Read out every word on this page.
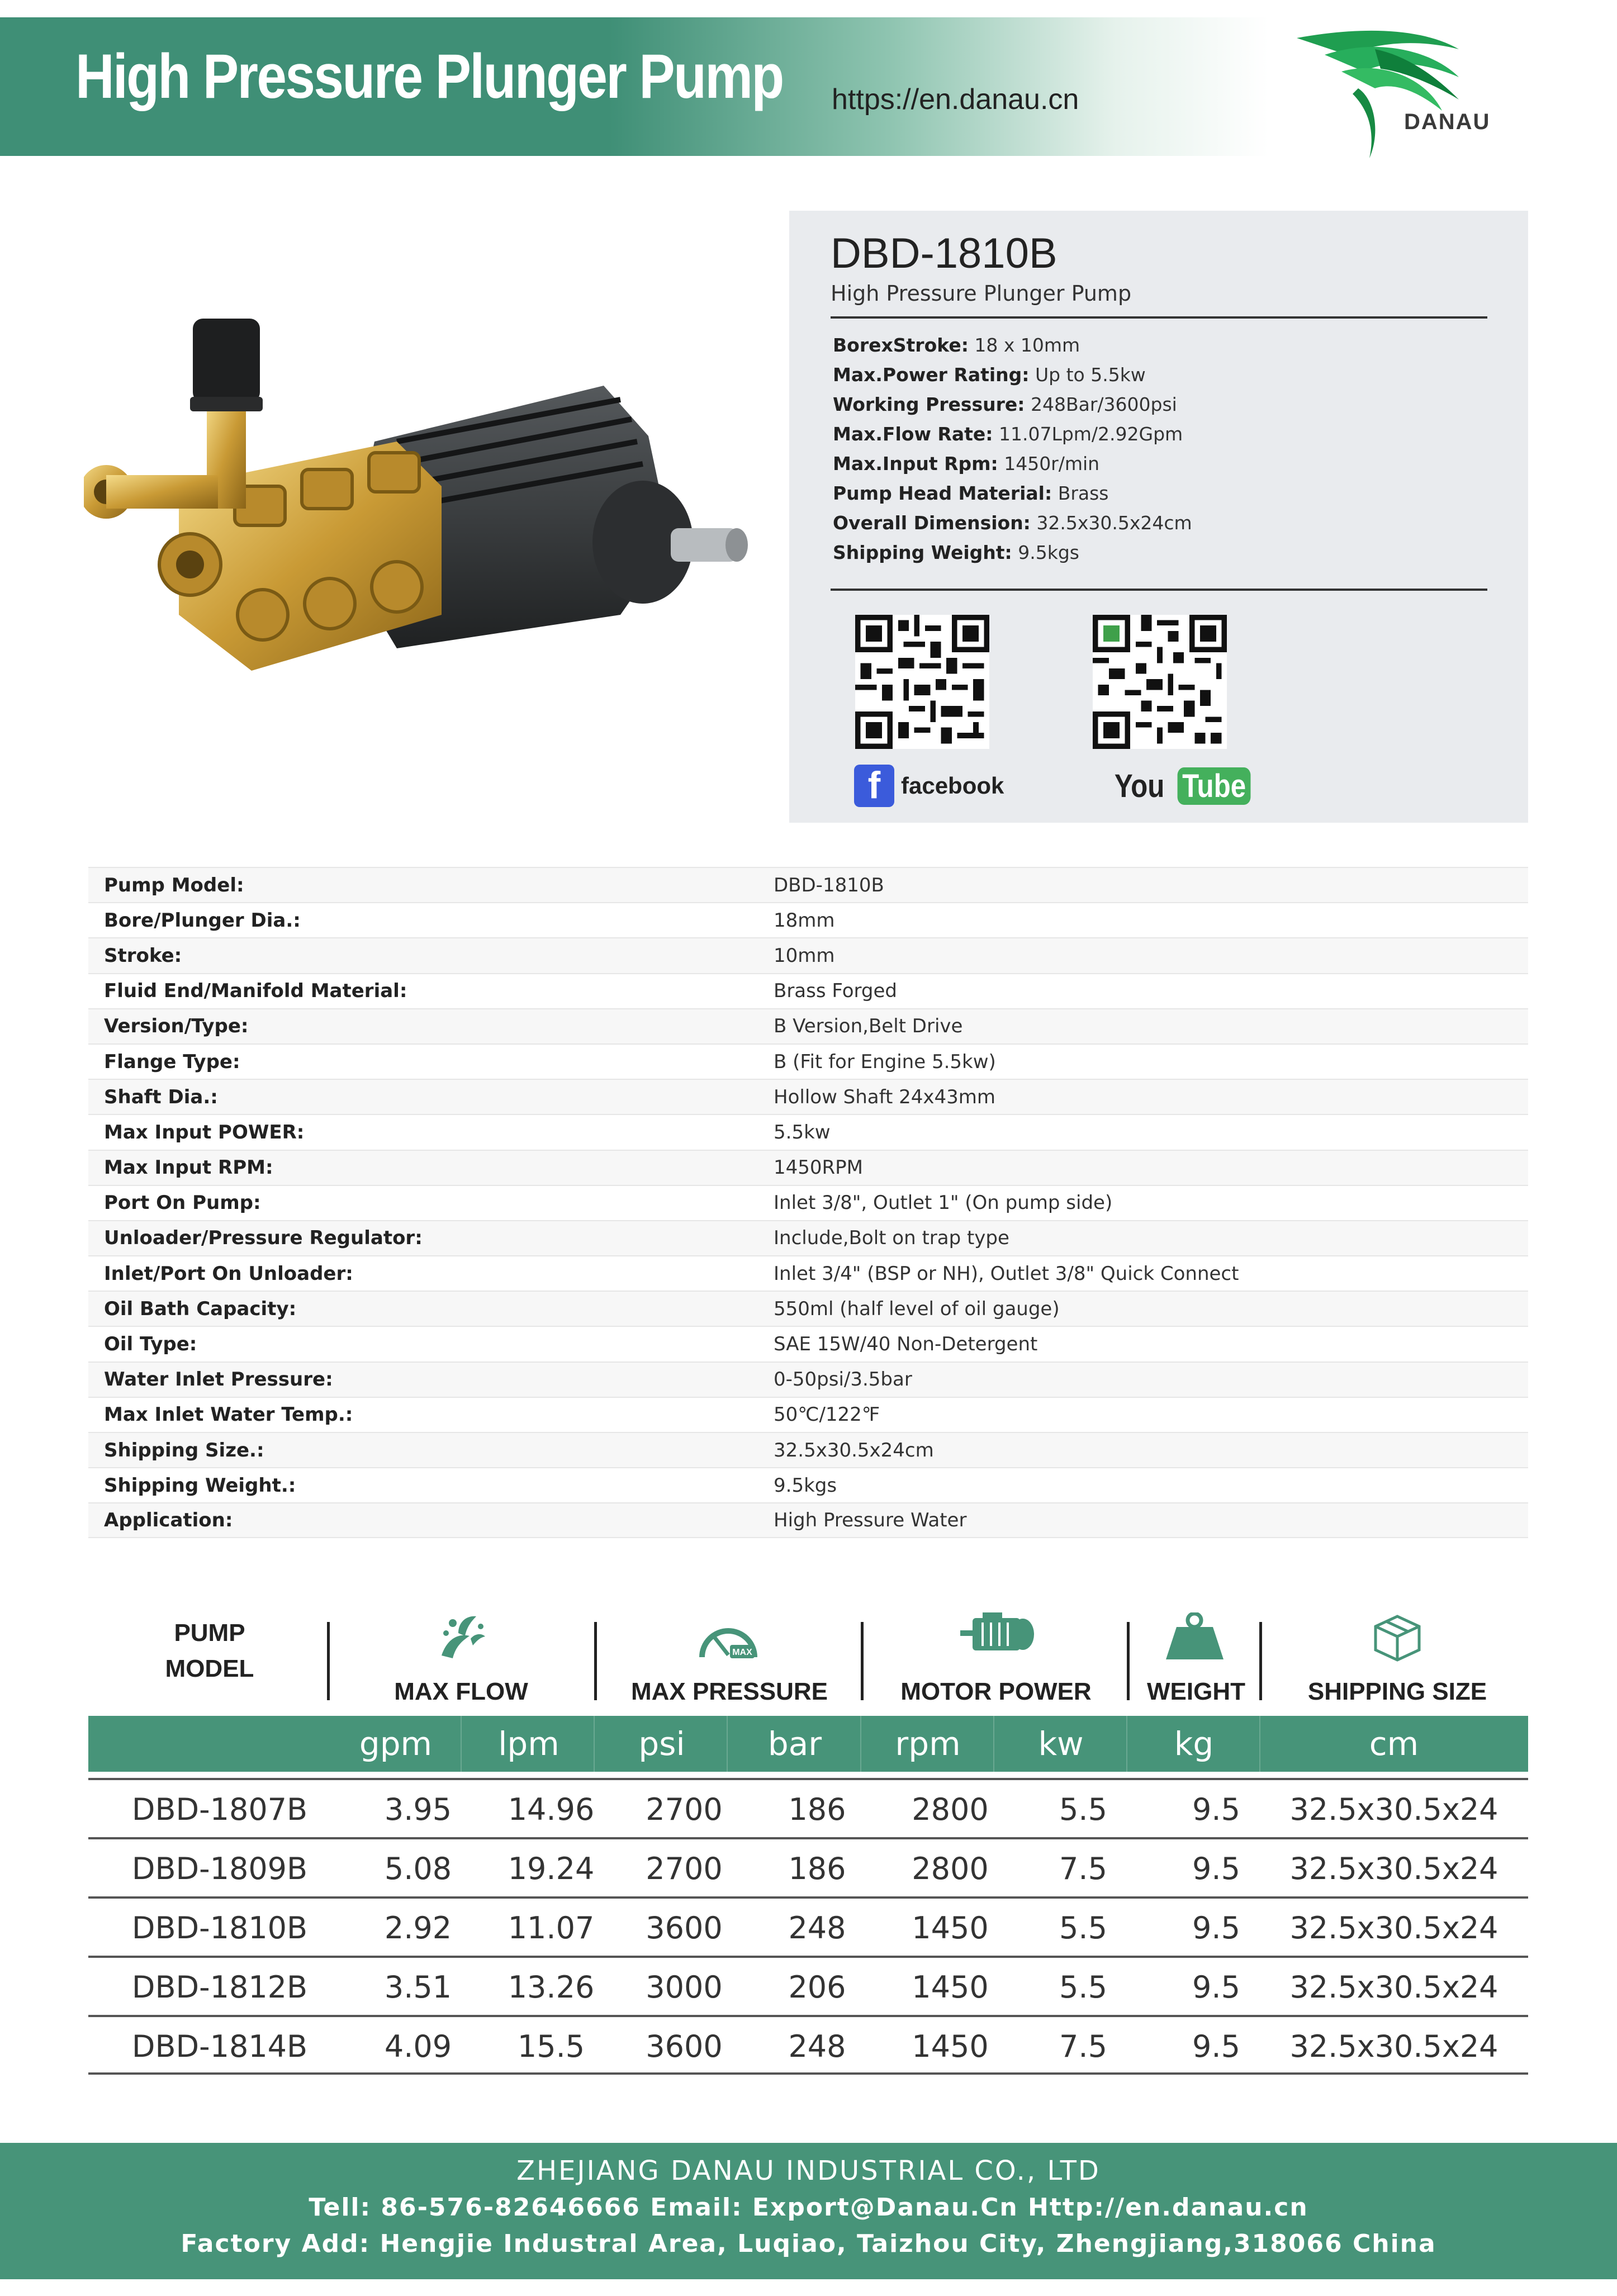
High Pressure Plunger Pump https://en.danau.cn
DANAU
DBD-1810B
High Pressure Plunger Pump
BorexStroke: 18 x 10mm
Max.Power Rating: Up to 5.5kw
Working Pressure: 248Bar/3600psi
Max.Flow Rate: 11.07Lpm/2.92Gpm
Max.Input Rpm: 1450r/min
Pump Head Material: Brass
Overall Dimension: 32.5x30.5x24cm
Shipping Weight: 9.5kgs
f facebook	You Tube
Pump Model:	DBD-1810B
Bore/Plunger Dia.:	18mm
Stroke:	10mm
Fluid End/Manifold Material:	Brass Forged
Version/Type:	B Version,Belt Drive
Flange Type:	B (Fit for Engine 5.5kw)
Shaft Dia.:	Hollow Shaft 24x43mm
Max Input POWER:	5.5kw
Max Input RPM:	1450RPM
Port On Pump:	Inlet 3/8", Outlet 1" (On pump side)
Unloader/Pressure Regulator:	Include,Bolt on trap type
Inlet/Port On Unloader:	Inlet 3/4" (BSP or NH), Outlet 3/8" Quick Connect
Oil Bath Capacity:	550ml (half level of oil gauge)
Oil Type:	SAE 15W/40 Non-Detergent
Water Inlet Pressure:	0-50psi/3.5bar
Max Inlet Water Temp.:	50℃/122℉
Shipping Size.:	32.5x30.5x24cm
Shipping Weight.:	9.5kgs
Application:	High Pressure Water
PUMP
MODEL
MAX FLOW
MAX
MAX PRESSURE	MOTOR POWER	WEIGHT	SHIPPING SIZE
gpm	lpm	psi	bar	rpm	kw	kg	cm
DBD-1807B	3.95	14.96	2700	186	2800	5.5	9.5	32.5x30.5x24
DBD-1809B	5.08	19.24	2700	186	2800	7.5	9.5	32.5x30.5x24
DBD-1810B	2.92	11.07	3600	248	1450	5.5	9.5	32.5x30.5x24
DBD-1812B	3.51	13.26	3000	206	1450	5.5	9.5	32.5x30.5x24
DBD-1814B	4.09	15.5	3600	248	1450	7.5	9.5	32.5x30.5x24
ZHEJIANG DANAU INDUSTRIAL CO., LTD
Tell: 86-576-82646666 Email: Export@Danau.Cn Http://en.danau.cn
Factory Add: Hengjie Industral Area, Luqiao, Taizhou City, Zhengjiang,318066 China
